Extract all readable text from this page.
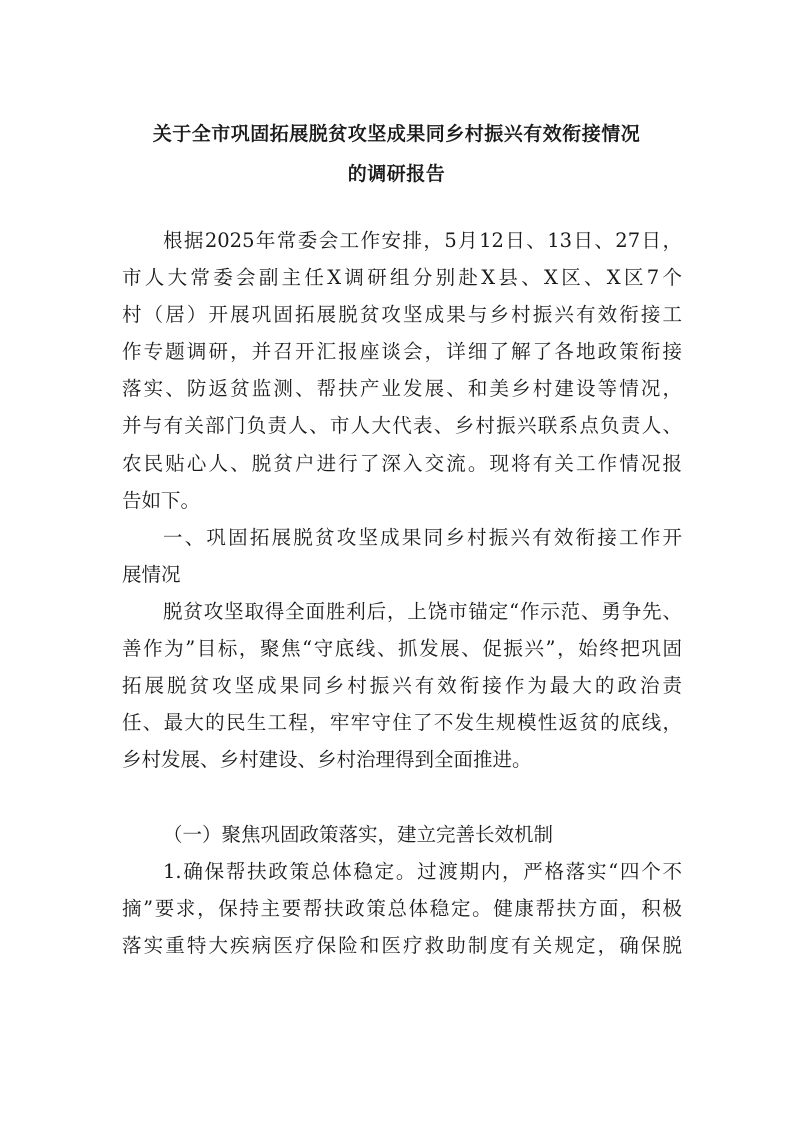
关于全市巩固拓展脱贫攻坚成果同乡村振兴有效衔接情况
的调研报告
根据2025年常委会工作安排，5月12日、13日、27日，
市人大常委会副主任X调研组分别赴X县、X区、X区7个
村（居）开展巩固拓展脱贫攻坚成果与乡村振兴有效衔接工
作专题调研，并召开汇报座谈会，详细了解了各地政策衔接
落实、防返贫监测、帮扶产业发展、和美乡村建设等情况，
并与有关部门负责人、市人大代表、乡村振兴联系点负责人、
农民贴心人、脱贫户进行了深入交流。现将有关工作情况报
告如下。
一、巩固拓展脱贫攻坚成果同乡村振兴有效衔接工作开
展情况
脱贫攻坚取得全面胜利后，上饶市锚定“作示范、勇争先、
善作为”目标，聚焦“守底线、抓发展、促振兴”，始终把巩固
拓展脱贫攻坚成果同乡村振兴有效衔接作为最大的政治责
任、最大的民生工程，牢牢守住了不发生规模性返贫的底线，
乡村发展、乡村建设、乡村治理得到全面推进。
（一）聚焦巩固政策落实，建立完善长效机制
1.确保帮扶政策总体稳定。过渡期内，严格落实“四个不
摘”要求，保持主要帮扶政策总体稳定。健康帮扶方面，积极
落实重特大疾病医疗保险和医疗救助制度有关规定，确保脱
